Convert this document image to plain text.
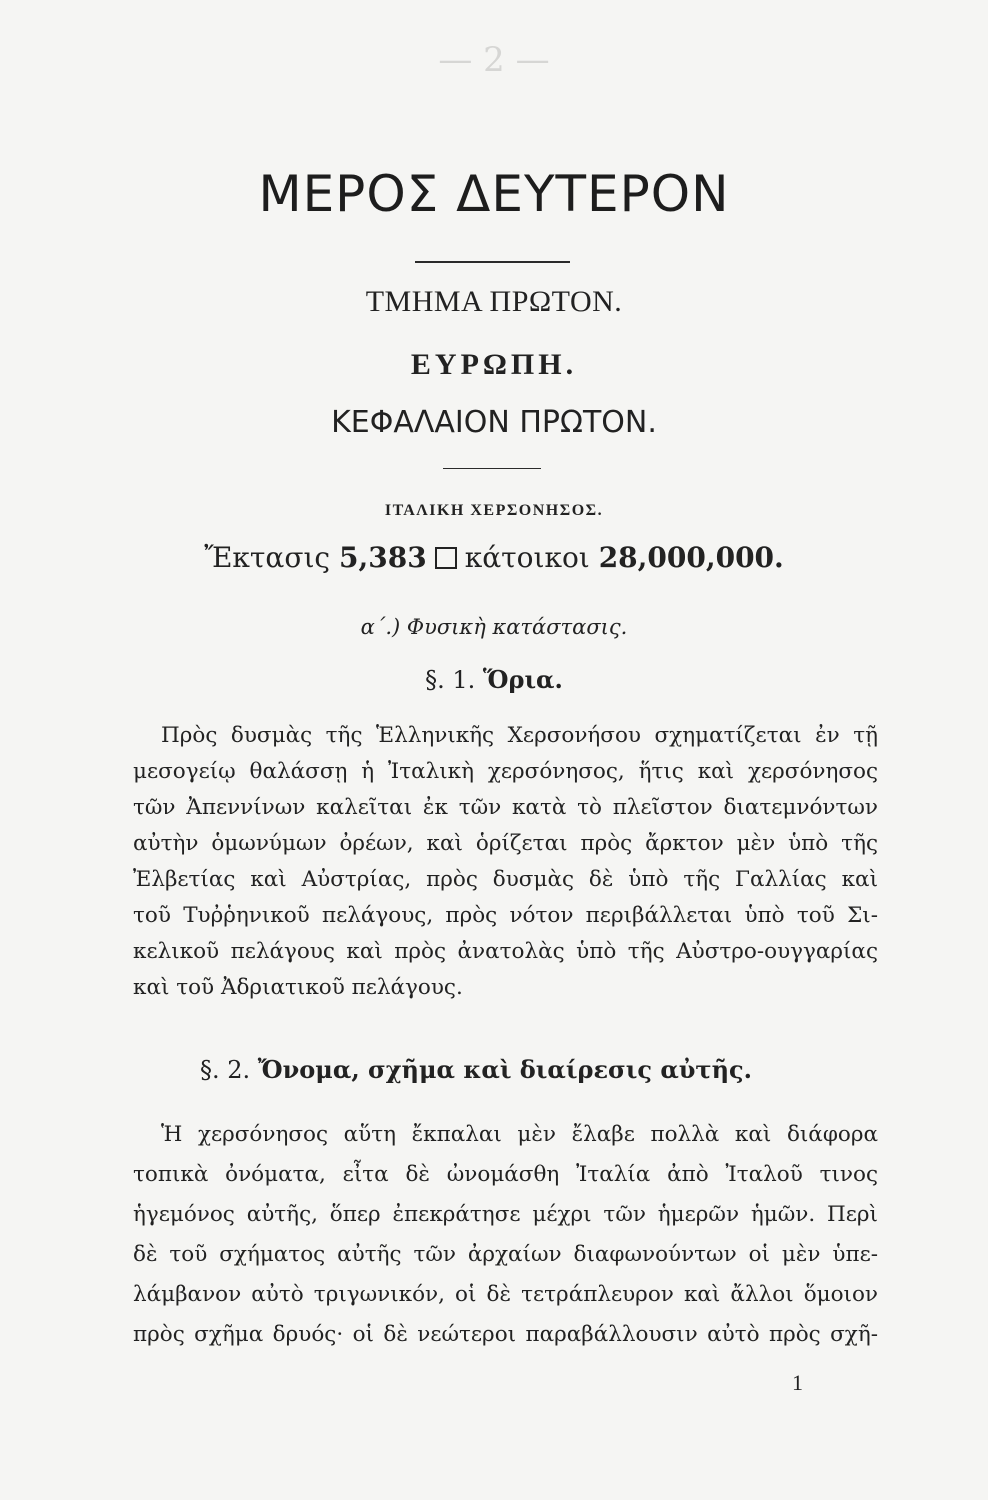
— 2 —
ΜΕΡΟΣ ΔΕΥΤΕΡΟΝ
ΤΜΗΜΑ ΠΡΩΤΟΝ.
ΕΥΡΩΠΗ.
ΚΕΦΑΛΑΙΟΝ ΠΡΩΤΟΝ.
ΙΤΑΛΙΚΗ ΧΕΡΣΟΝΗΣΟΣ.
Ἔκτασις 5,383 κάτοικοι 28,000,000.
α΄.) Φυσικὴ κατάστασις.
§. 1. Ὅρια.
Πρὸς δυσμὰς τῆς Ἑλληνικῆς Χερσονήσου σχηματίζεται ἐν τῇ
μεσογείῳ θαλάσσῃ ἡ Ἰταλικὴ χερσόνησος, ἥτις καὶ χερσόνησος
τῶν Ἀπεννίνων καλεῖται ἐκ τῶν κατὰ τὸ πλεῖστον διατεμνόντων
αὐτὴν ὁμωνύμων ὀρέων, καὶ ὁρίζεται πρὸς ἄρκτον μὲν ὑπὸ τῆς
Ἐλβετίας καὶ Αὐστρίας, πρὸς δυσμὰς δὲ ὑπὸ τῆς Γαλλίας καὶ
τοῦ Τυῤῥηνικοῦ πελάγους, πρὸς νότον περιβάλλεται ὑπὸ τοῦ Σι-
κελικοῦ πελάγους καὶ πρὸς ἀνατολὰς ὑπὸ τῆς Αὐστρο-ουγγαρίας
καὶ τοῦ Ἀδριατικοῦ πελάγους.
§. 2. Ὄνομα, σχῆμα καὶ διαίρεσις αὐτῆς.
Ἡ χερσόνησος αὕτη ἔκπαλαι μὲν ἔλαβε πολλὰ καὶ διάφορα
τοπικὰ ὀνόματα, εἶτα δὲ ὠνομάσθη Ἰταλία ἀπὸ Ἰταλοῦ τινος
ἡγεμόνος αὐτῆς, ὅπερ ἐπεκράτησε μέχρι τῶν ἡμερῶν ἡμῶν. Περὶ
δὲ τοῦ σχήματος αὐτῆς τῶν ἀρχαίων διαφωνούντων οἱ μὲν ὑπε-
λάμβανον αὐτὸ τριγωνικόν, οἱ δὲ τετράπλευρον καὶ ἄλλοι ὅμοιον
πρὸς σχῆμα δρυός· οἱ δὲ νεώτεροι παραβάλλουσιν αὐτὸ πρὸς σχῆ-
1
